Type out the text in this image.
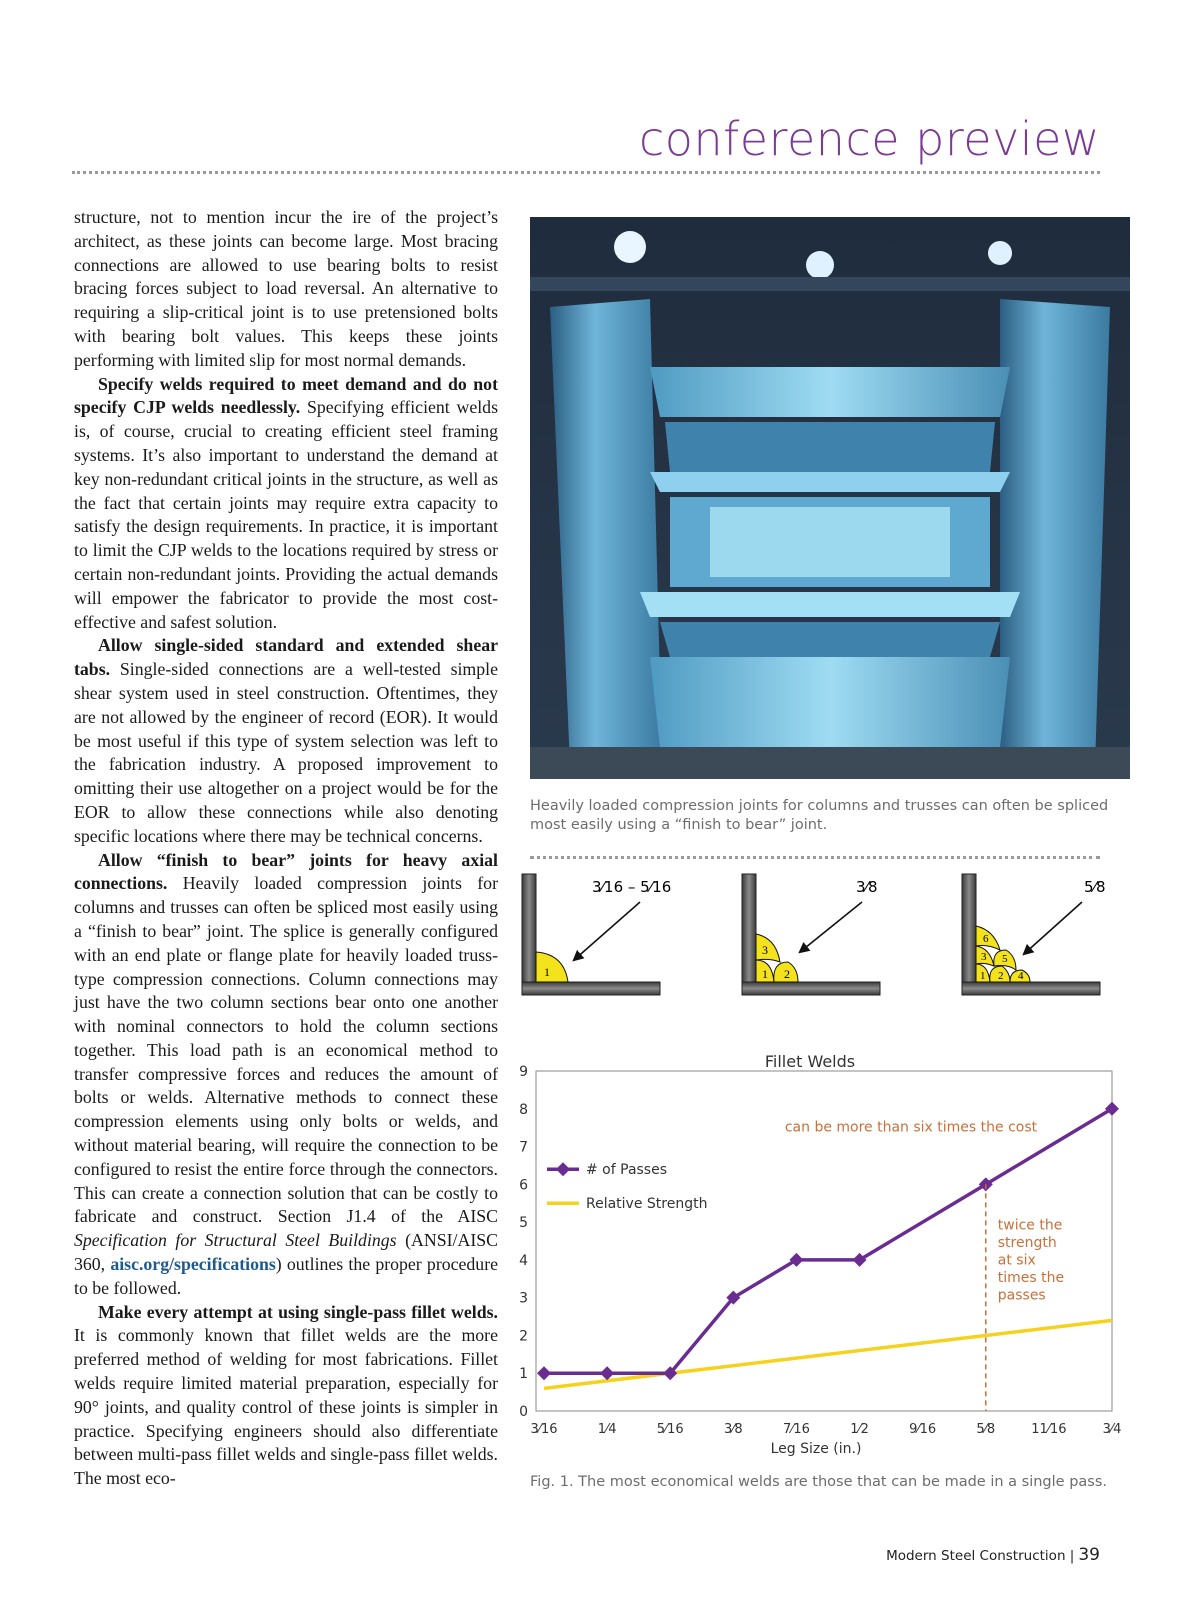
conference preview

structure, not to mention incur the ire of the project’s architect, as these joints can become large. Most bracing connections are allowed to use bearing bolts to resist bracing forces subject to load reversal. An alternative to requiring a slip-critical joint is to use pretensioned bolts with bearing bolt values. This keeps these joints performing with limited slip for most normal demands.

Specify welds required to meet demand and do not specify CJP welds needlessly. Specifying efficient welds is, of course, crucial to creating efficient steel framing systems. It’s also important to understand the demand at key non-redundant critical joints in the structure, as well as the fact that certain joints may require extra capacity to satisfy the design requirements. In practice, it is important to limit the CJP welds to the locations required by stress or certain non-redundant joints. Providing the actual demands will empower the fabricator to provide the most cost-effective and safest solution.

Allow single-sided standard and extended shear tabs. Single-sided connections are a well-tested simple shear system used in steel construction. Oftentimes, they are not allowed by the engineer of record (EOR). It would be most useful if this type of system selection was left to the fabrication industry. A proposed improvement to omitting their use altogether on a project would be for the EOR to allow these connections while also denoting specific locations where there may be technical concerns.

Allow “finish to bear” joints for heavy axial connections. Heavily loaded compression joints for columns and trusses can often be spliced most easily using a “finish to bear” joint. The splice is generally configured with an end plate or flange plate for heavily loaded truss-type compression connections. Column connections may just have the two column sections bear onto one another with nominal connectors to hold the column sections together. This load path is an economical method to transfer compressive forces and reduces the amount of bolts or welds. Alternative methods to connect these compression elements using only bolts or welds, and without material bearing, will require the connection to be configured to resist the entire force through the connectors. This can create a connection solution that can be costly to fabricate and construct. Section J1.4 of the AISC Specification for Structural Steel Buildings (ANSI/AISC 360, aisc.org/specifications) outlines the proper procedure to be followed.

Make every attempt at using single-pass fillet welds. It is commonly known that fillet welds are the more preferred method of welding for most fabrications. Fillet welds require limited material preparation, especially for 90° joints, and quality control of these joints is simpler in practice. Specifying engineers should also differentiate between multi-pass fillet welds and single-pass fillet welds. The most eco-

Heavily loaded compression joints for columns and trusses can often be spliced most easily using a “finish to bear” joint.
1
3⁄16 – 5⁄16
1 2
3
3⁄8
1 2
3
4
5
6
5⁄8
Fillet Welds
0
1
2
3
4
5
6
7
8
9
3⁄16	1⁄4	5⁄16	3⁄8	7⁄16	1⁄2	9⁄16	5⁄8	11⁄16	3⁄4
can be more than six times the cost
twice the
strength
at six
times the
passes
# of Passes
Relative Strength
Leg Size (in.)
Fig. 1. The most economical welds are those that can be made in a single pass.
Modern Steel Construction | 39
